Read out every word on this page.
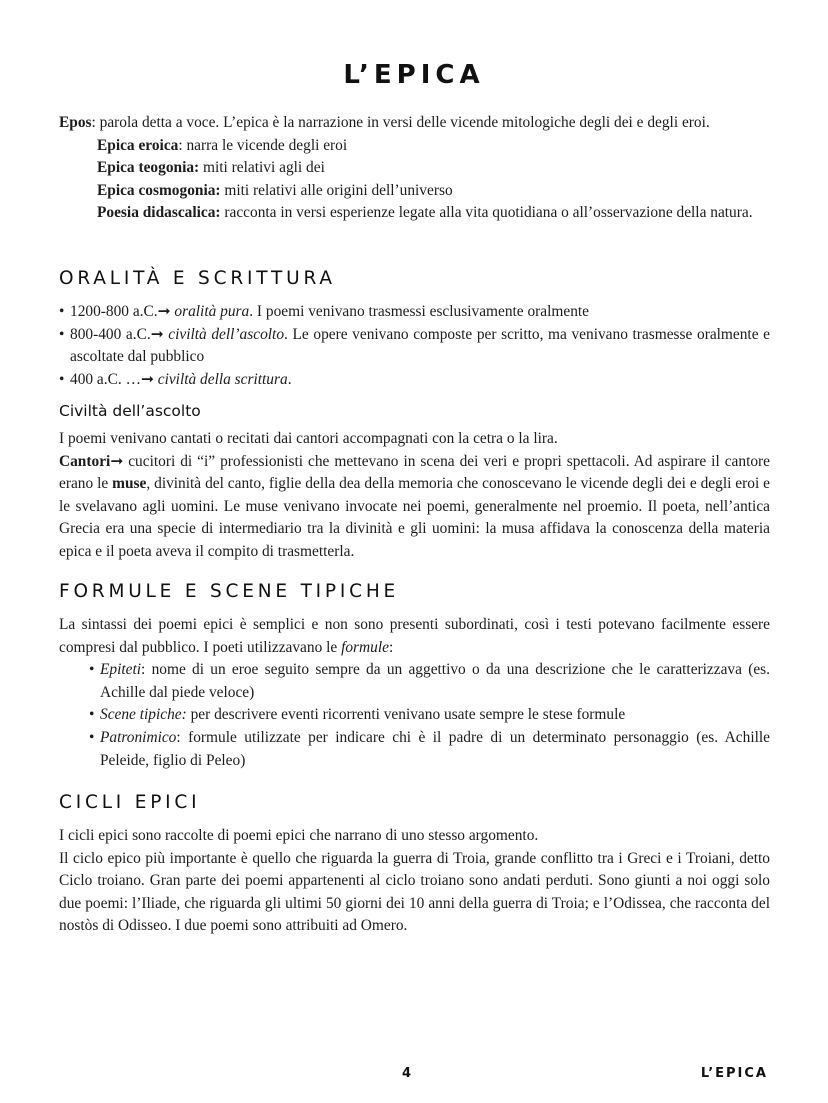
L’EPICA
Epos: parola detta a voce. L’epica è la narrazione in versi delle vicende mitologiche degli dei e degli eroi.
Epica eroica: narra le vicende degli eroi
Epica teogonia: miti relativi agli dei
Epica cosmogonia: miti relativi alle origini dell’universo
Poesia didascalica: racconta in versi esperienze legate alla vita quotidiana o all’osservazione della natura.
ORALITÀ E SCRITTURA
• 1200-800 a.C.➞ oralità pura. I poemi venivano trasmessi esclusivamente oralmente
• 800-400 a.C.➞ civiltà dell’ascolto. Le opere venivano composte per scritto, ma venivano trasmesse oralmente e ascoltate dal pubblico
• 400 a.C. …➞ civiltà della scrittura.
Civiltà dell’ascolto
I poemi venivano cantati o recitati dai cantori accompagnati con la cetra o la lira.
Cantori➞ cucitori di “i” professionisti che mettevano in scena dei veri e propri spettacoli. Ad aspirare il cantore erano le muse, divinità del canto, figlie della dea della memoria che conoscevano le vicende degli dei e degli eroi e le svelavano agli uomini. Le muse venivano invocate nei poemi, generalmente nel proemio. Il poeta, nell’antica Grecia era una specie di intermediario tra la divinità e gli uomini: la musa affidava la conoscenza della materia epica e il poeta aveva il compito di trasmetterla.
FORMULE E SCENE TIPICHE
La sintassi dei poemi epici è semplici e non sono presenti subordinati, così i testi potevano facilmente essere compresi dal pubblico. I poeti utilizzavano le formule:
• Epiteti: nome di un eroe seguito sempre da un aggettivo o da una descrizione che le caratterizzava (es. Achille dal piede veloce)
• Scene tipiche: per descrivere eventi ricorrenti venivano usate sempre le stese formule
• Patronimico: formule utilizzate per indicare chi è il padre di un determinato personaggio (es. Achille Peleide, figlio di Peleo)
CICLI EPICI
I cicli epici sono raccolte di poemi epici che narrano di uno stesso argomento.
Il ciclo epico più importante è quello che riguarda la guerra di Troia, grande conflitto tra i Greci e i Troiani, detto Ciclo troiano. Gran parte dei poemi appartenenti al ciclo troiano sono andati perduti. Sono giunti a noi oggi solo due poemi: l’Iliade, che riguarda gli ultimi 50 giorni dei 10 anni della guerra di Troia; e l’Odissea, che racconta del nostòs di Odisseo. I due poemi sono attribuiti ad Omero.
4	L’EPICA
